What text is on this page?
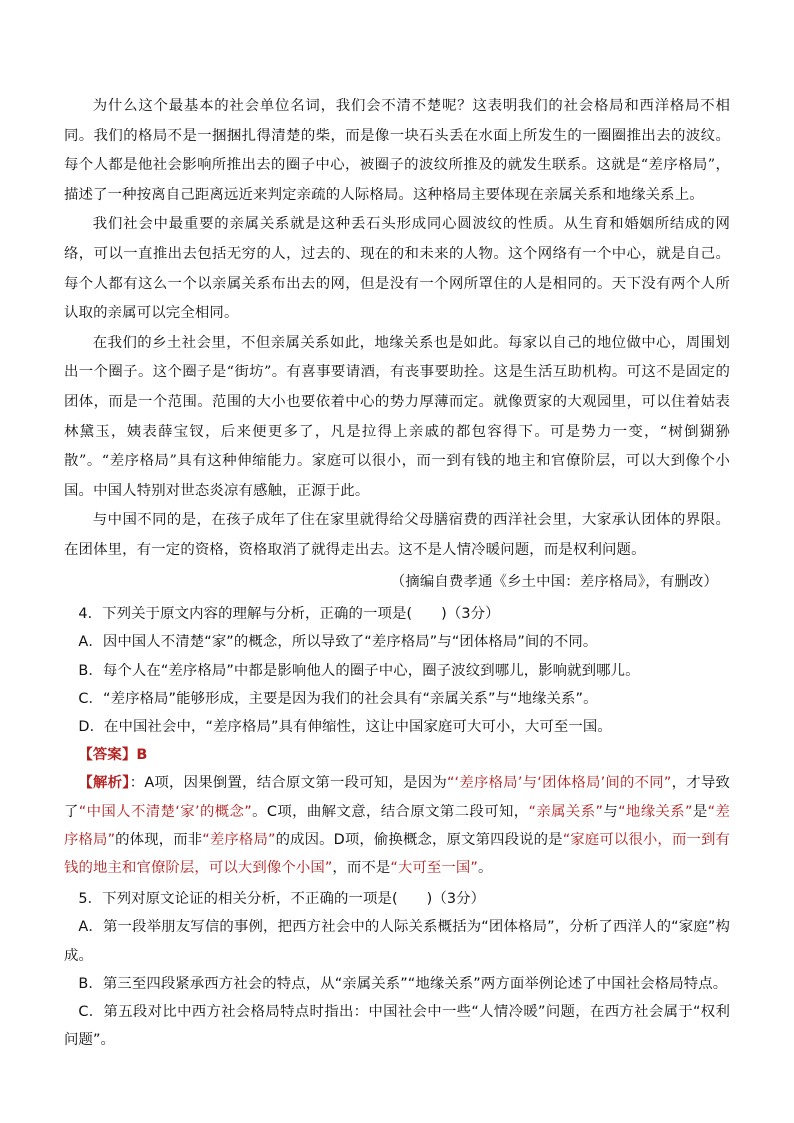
为什么这个最基本的社会单位名词，我们会不清不楚呢？这表明我们的社会格局和西洋格局不相同。我们的格局不是一捆捆扎得清楚的柴，而是像一块石头丢在水面上所发生的一圈圈推出去的波纹。每个人都是他社会影响所推出去的圈子中心，被圈子的波纹所推及的就发生联系。这就是“差序格局”，描述了一种按离自己距离远近来判定亲疏的人际格局。这种格局主要体现在亲属关系和地缘关系上。

我们社会中最重要的亲属关系就是这种丢石头形成同心圆波纹的性质。从生育和婚姻所结成的网络，可以一直推出去包括无穷的人，过去的、现在的和未来的人物。这个网络有一个中心，就是自己。每个人都有这么一个以亲属关系布出去的网，但是没有一个网所罩住的人是相同的。天下没有两个人所认取的亲属可以完全相同。

在我们的乡土社会里，不但亲属关系如此，地缘关系也是如此。每家以自己的地位做中心，周围划出一个圈子。这个圈子是“街坊”。有喜事要请酒，有丧事要助拴。这是生活互助机构。可这不是固定的团体，而是一个范围。范围的大小也要依着中心的势力厚薄而定。就像贾家的大观园里，可以住着姑表林黛玉，姨表薛宝钗，后来便更多了，凡是拉得上亲戚的都包容得下。可是势力一变，“树倒猢狲散”。“差序格局”具有这种伸缩能力。家庭可以很小，而一到有钱的地主和官僚阶层，可以大到像个小国。中国人特别对世态炎凉有感触，正源于此。

与中国不同的是，在孩子成年了住在家里就得给父母膳宿费的西洋社会里，大家承认团体的界限。在团体里，有一定的资格，资格取消了就得走出去。这不是人情冷暖问题，而是权利问题。

（摘编自费孝通《乡土中国：差序格局》，有删改）

4．下列关于原文内容的理解与分析，正确的一项是(　　)（3分）

A．因中国人不清楚“家”的概念，所以导致了“差序格局”与“团体格局”间的不同。

B．每个人在“差序格局”中都是影响他人的圈子中心，圈子波纹到哪儿，影响就到哪儿。

C．“差序格局”能够形成，主要是因为我们的社会具有“亲属关系”与“地缘关系”。

D．在中国社会中，“差序格局”具有伸缩性，这让中国家庭可大可小，大可至一国。

【答案】B

【解析】：A项，因果倒置，结合原文第一段可知，是因为“‘差序格局’与‘团体格局’间的不同”，才导致了“中国人不清楚‘家’的概念”。C项，曲解文意，结合原文第二段可知，“亲属关系”与“地缘关系”是“差序格局”的体现，而非“差序格局”的成因。D项，偷换概念，原文第四段说的是“家庭可以很小，而一到有钱的地主和官僚阶层，可以大到像个小国”，而不是“大可至一国”。

5．下列对原文论证的相关分析，不正确的一项是(　　)（3分）

A．第一段举朋友写信的事例，把西方社会中的人际关系概括为“团体格局”，分析了西洋人的“家庭”构成。

B．第三至四段紧承西方社会的特点，从“亲属关系”“地缘关系”两方面举例论述了中国社会格局特点。

C．第五段对比中西方社会格局特点时指出：中国社会中一些“人情冷暖”问题，在西方社会属于“权利问题”。
